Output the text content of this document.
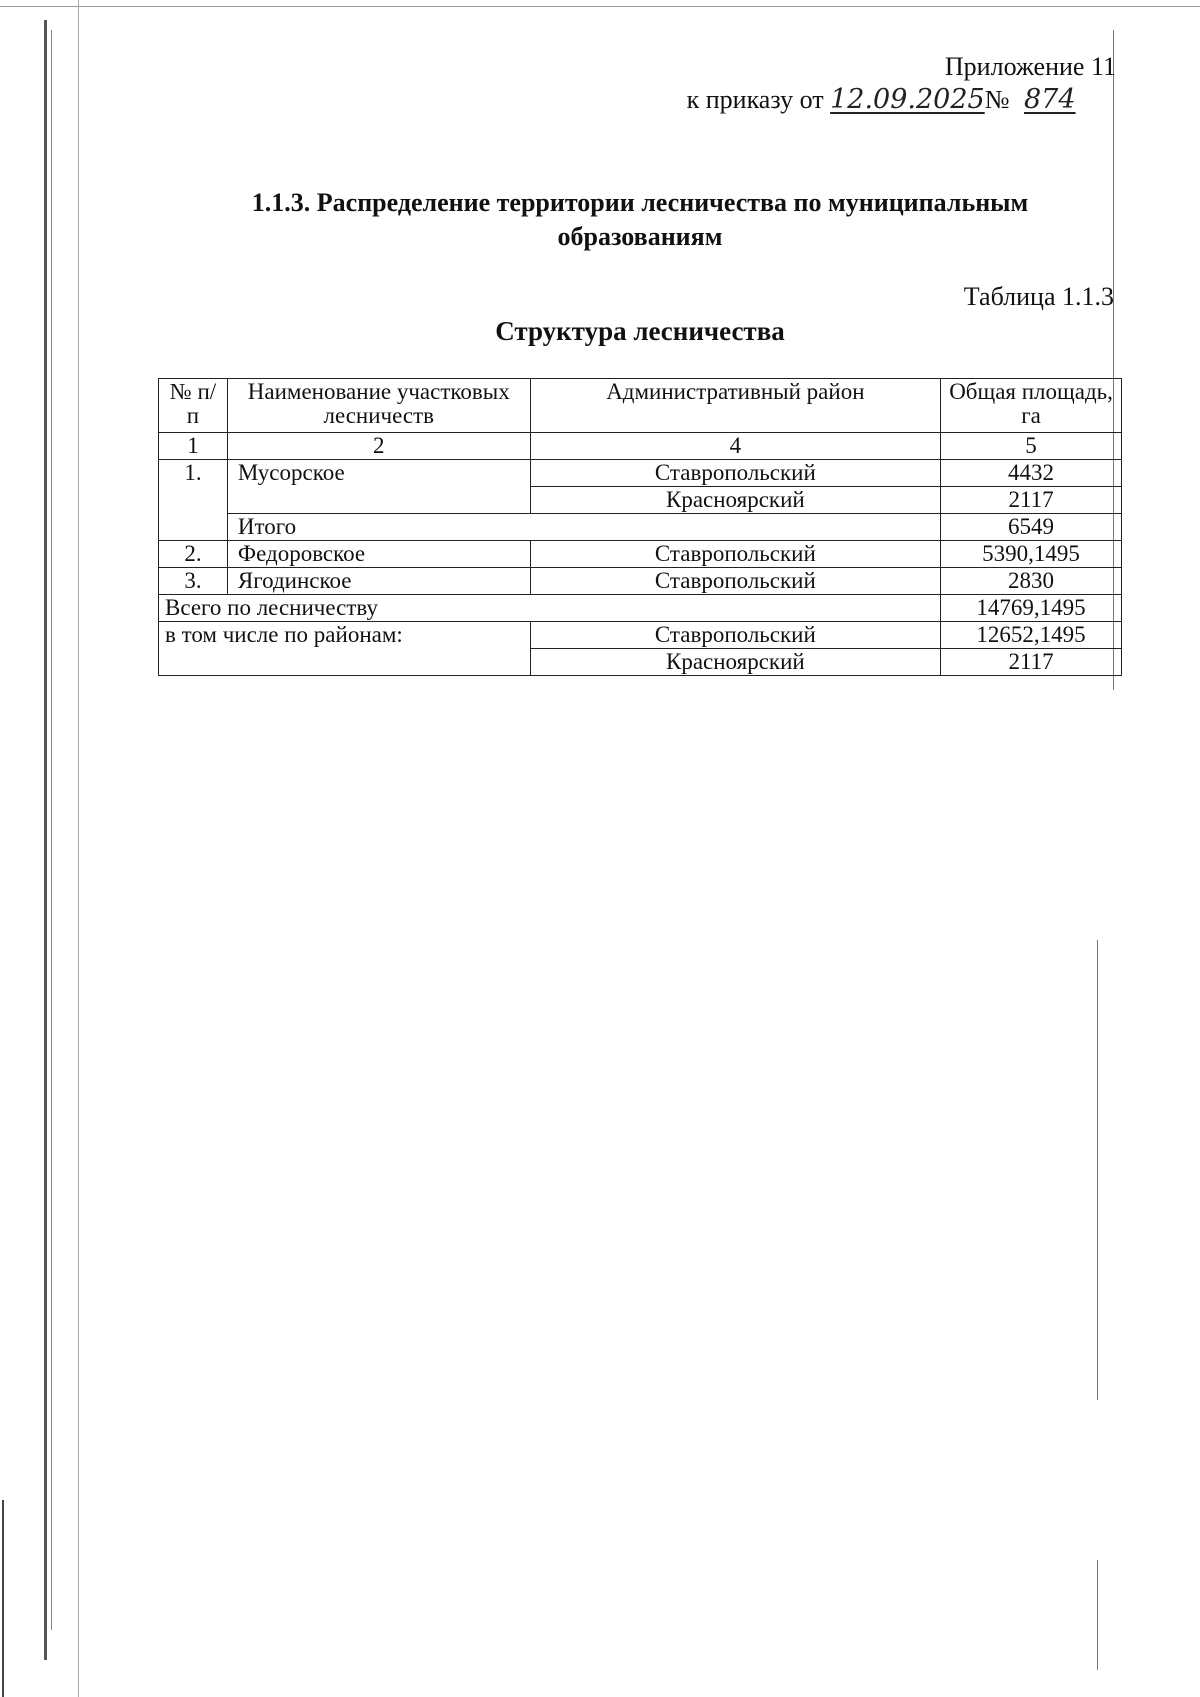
Приложение 11
к приказу от 12.09.2025№ 874
1.1.3. Распределение территории лесничества по муниципальным образованиям
Таблица 1.1.3
Структура лесничества
№ п/п	Наименование участковых лесничеств	Административный район	Общая площадь, га
1	2	4	5
1.	Мусорское	Ставропольский	4432
		Красноярский	2117
	Итого		6549
2.	Федоровское	Ставропольский	5390,1495
3.	Ягодинское	Ставропольский	2830
Всего по лесничеству			14769,1495
в том числе по районам:		Ставропольский	12652,1495
		Красноярский	2117
